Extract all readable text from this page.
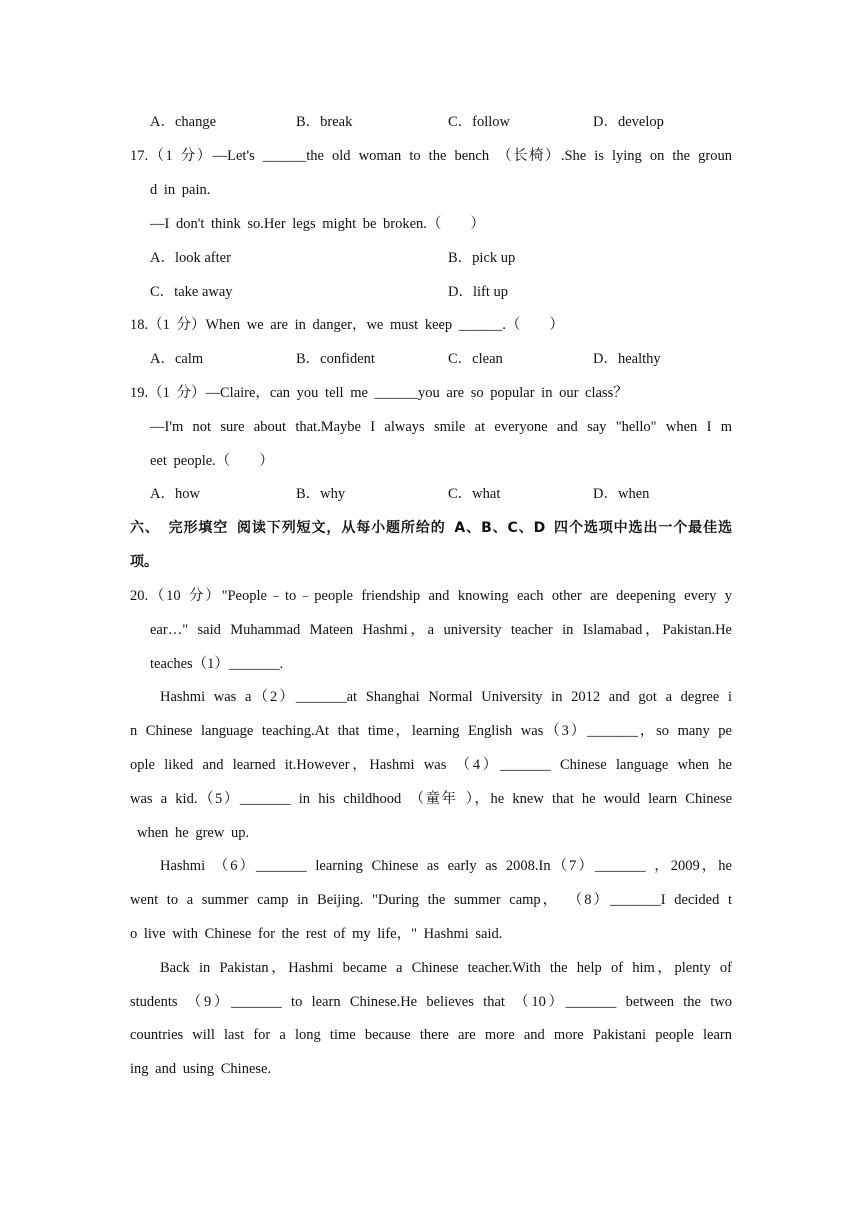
A．change	B．break	C．follow	D．develop
17.（1 分）—Let's ______the old woman to the bench （长椅）.She is lying on the groun
d in pain.
—I don't think so.Her legs might be broken.（　　）
A．look after	B．pick up
C．take away	D．lift up
18.（1 分）When we are in danger，we must keep ______.（　　）
A．calm	B．confident	C．clean	D．healthy
19.（1 分）—Claire，can you tell me ______you are so popular in our class？
—I'm not sure about that.Maybe I always smile at everyone and say "hello" when I m
eet people.（　　）
A．how	B．why	C．what	D．when
六、 完形填空 阅读下列短文，从每小题所给的 A、B、C、D 四个选项中选出一个最佳选
项。
20.（10 分）"People﹣to﹣people friendship and knowing each other are deepening every y
ear…" said Muhammad Mateen Hashmi，a university teacher in Islamabad，Pakistan.He
teaches（1）_______.
Hashmi was a（2）_______at Shanghai Normal University in 2012 and got a degree i
n Chinese language teaching.At that time，learning English was（3）_______，so many pe
ople liked and learned it.However，Hashmi was （4）_______ Chinese language when he
was a kid.（5）_______ in his childhood （童年 ），he knew that he would learn Chinese
when he grew up.
Hashmi （6）_______ learning Chinese as early as 2008.In（7）_______ ，2009，he
went to a summer camp in Beijing. "During the summer camp， （8）_______I decided t
o live with Chinese for the rest of my life，" Hashmi said.
Back in Pakistan，Hashmi became a Chinese teacher.With the help of him，plenty of
students （9）_______ to learn Chinese.He believes that （10）_______ between the two
countries will last for a long time because there are more and more Pakistani people learn
ing and using Chinese.
